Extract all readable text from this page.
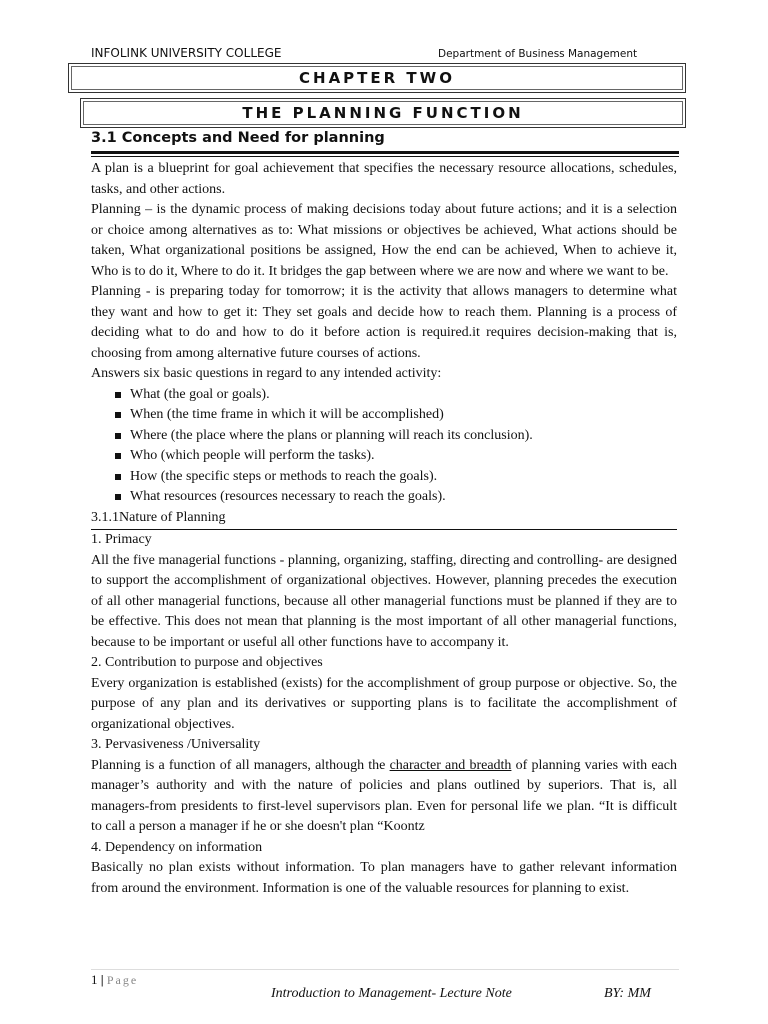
INFOLINK UNIVERSITY COLLEGE	Department of Business Management
CHAPTER TWO
THE PLANNING FUNCTION
3.1 Concepts and Need for planning

A plan is a blueprint for goal achievement that specifies the necessary resource allocations, schedules, tasks, and other actions.

Planning – is the dynamic process of making decisions today about future actions; and it is a selection or choice among alternatives as to: What missions or objectives be achieved, What actions should be taken, What organizational positions be assigned, How the end can be achieved, When to achieve it, Who is to do it, Where to do it. It bridges the gap between where we are now and where we want to be.

Planning - is preparing today for tomorrow; it is the activity that allows managers to determine what they want and how to get it: They set goals and decide how to reach them. Planning is a process of deciding what to do and how to do it before action is required.it requires decision-making that is, choosing from among alternative future courses of actions.

Answers six basic questions in regard to any intended activity:

What (the goal or goals).
When (the time frame in which it will be accomplished)
Where (the place where the plans or planning will reach its conclusion).
Who (which people will perform the tasks).
How (the specific steps or methods to reach the goals).
What resources (resources necessary to reach the goals).

3.1.1Nature of Planning

1. Primacy

All the five managerial functions - planning, organizing, staffing, directing and controlling- are designed to support the accomplishment of organizational objectives. However, planning precedes the execution of all other managerial functions, because all other managerial functions must be planned if they are to be effective. This does not mean that planning is the most important of all other managerial functions, because to be important or useful all other functions have to accompany it.

2. Contribution to purpose and objectives

Every organization is established (exists) for the accomplishment of group purpose or objective. So, the purpose of any plan and its derivatives or supporting plans is to facilitate the accomplishment of organizational objectives.

3. Pervasiveness /Universality

Planning is a function of all managers, although the character and breadth of planning varies with each manager’s authority and with the nature of policies and plans outlined by superiors. That is, all managers-from presidents to first-level supervisors plan. Even for personal life we plan. “It is difficult to call a person a manager if he or she doesn't plan “Koontz

4. Dependency on information

Basically no plan exists without information. To plan managers have to gather relevant information from around the environment. Information is one of the valuable resources for planning to exist.

1 | Page
Introduction to Management- Lecture Note	BY: MM
